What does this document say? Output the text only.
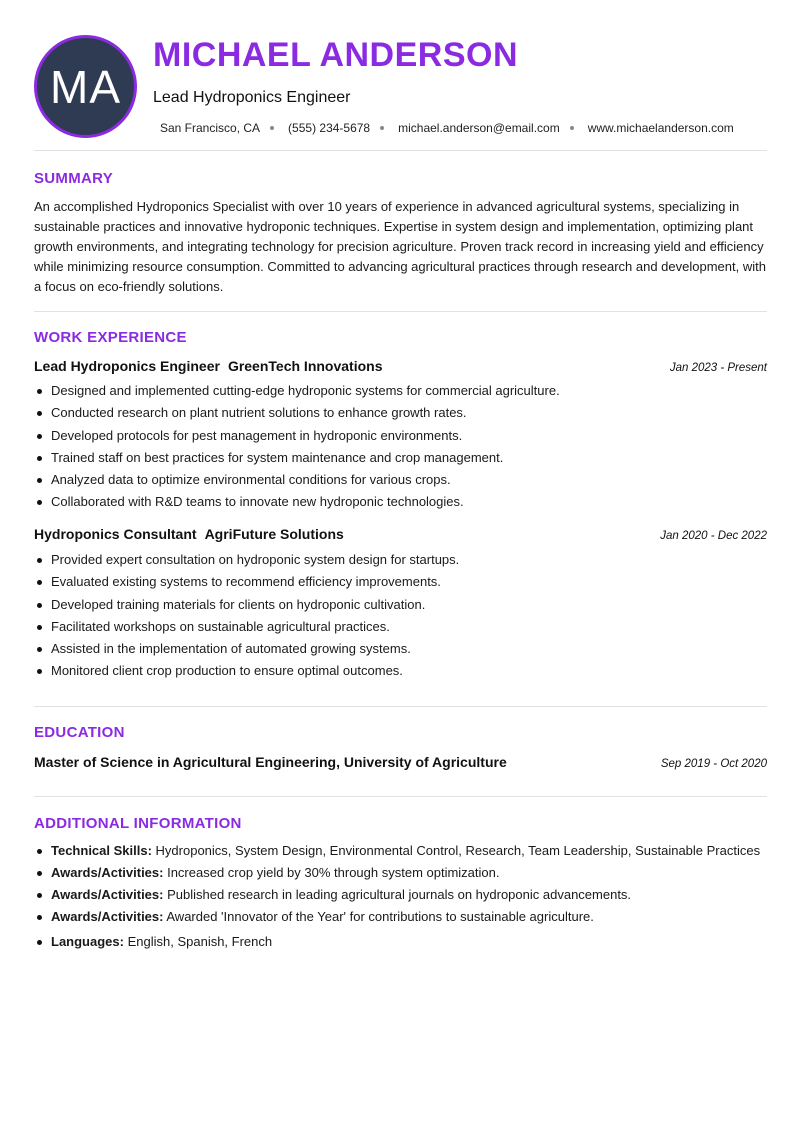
MA
MICHAEL ANDERSON
Lead Hydroponics Engineer
San Francisco, CA (555) 234-5678 michael.anderson@email.com www.michaelanderson.com
SUMMARY

An accomplished Hydroponics Specialist with over 10 years of experience in advanced agricultural systems, specializing in sustainable practices and innovative hydroponic techniques. Expertise in system design and implementation, optimizing plant growth environments, and integrating technology for precision agriculture. Proven track record in increasing yield and efficiency while minimizing resource consumption. Committed to advancing agricultural practices through research and development, with a focus on eco-friendly solutions.

WORK EXPERIENCE
Lead Hydroponics Engineer GreenTech Innovations	Jan 2023 - Present
Designed and implemented cutting-edge hydroponic systems for commercial agriculture.
Conducted research on plant nutrient solutions to enhance growth rates.
Developed protocols for pest management in hydroponic environments.
Trained staff on best practices for system maintenance and crop management.
Analyzed data to optimize environmental conditions for various crops.
Collaborated with R&D teams to innovate new hydroponic technologies.
Hydroponics Consultant AgriFuture Solutions	Jan 2020 - Dec 2022
Provided expert consultation on hydroponic system design for startups.
Evaluated existing systems to recommend efficiency improvements.
Developed training materials for clients on hydroponic cultivation.
Facilitated workshops on sustainable agricultural practices.
Assisted in the implementation of automated growing systems.
Monitored client crop production to ensure optimal outcomes.
EDUCATION
Master of Science in Agricultural Engineering, University of Agriculture	Sep 2019 - Oct 2020
ADDITIONAL INFORMATION
Technical Skills: Hydroponics, System Design, Environmental Control, Research, Team Leadership, Sustainable Practices
Awards/Activities: Increased crop yield by 30% through system optimization.
Awards/Activities: Published research in leading agricultural journals on hydroponic advancements.
Awards/Activities: Awarded 'Innovator of the Year' for contributions to sustainable agriculture.
Languages: English, Spanish, French
